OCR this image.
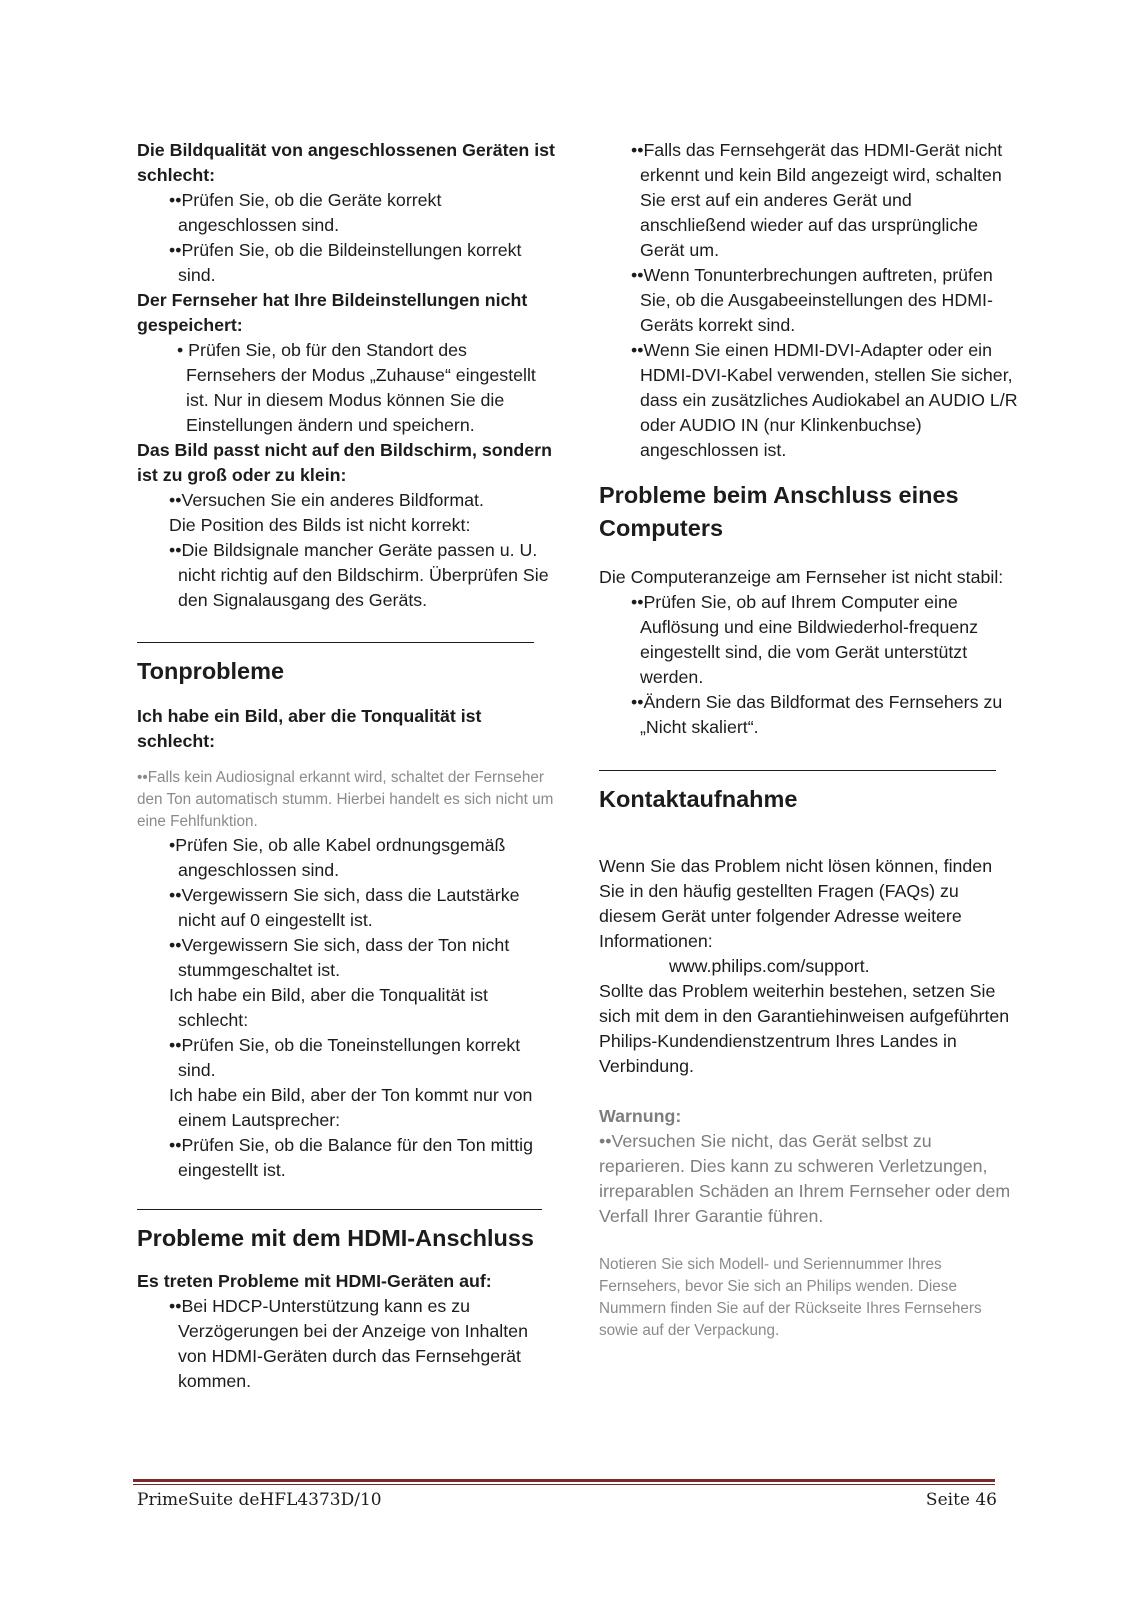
Die Bildqualität von angeschlossenen Geräten ist schlecht:
••Prüfen Sie, ob die Geräte korrekt angeschlossen sind.
••Prüfen Sie, ob die Bildeinstellungen korrekt sind.
Der Fernseher hat Ihre Bildeinstellungen nicht gespeichert:
• Prüfen Sie, ob für den Standort des Fernsehers der Modus „Zuhause“ eingestellt ist. Nur in diesem Modus können Sie die Einstellungen ändern und speichern.
Das Bild passt nicht auf den Bildschirm, sondern ist zu groß oder zu klein:
••Versuchen Sie ein anderes Bildformat.
Die Position des Bilds ist nicht korrekt:
••Die Bildsignale mancher Geräte passen u. U. nicht richtig auf den Bildschirm. Überprüfen Sie den Signalausgang des Geräts.
Tonprobleme
Ich habe ein Bild, aber die Tonqualität ist schlecht:
••Falls kein Audiosignal erkannt wird, schaltet der Fernseher den Ton automatisch stumm. Hierbei handelt es sich nicht um eine Fehlfunktion.
•Prüfen Sie, ob alle Kabel ordnungsgemäß angeschlossen sind.
••Vergewissern Sie sich, dass die Lautstärke nicht auf 0 eingestellt ist.
••Vergewissern Sie sich, dass der Ton nicht stummgeschaltet ist.
Ich habe ein Bild, aber die Tonqualität ist schlecht:
••Prüfen Sie, ob die Toneinstellungen korrekt sind.
Ich habe ein Bild, aber der Ton kommt nur von einem Lautsprecher:
••Prüfen Sie, ob die Balance für den Ton mittig eingestellt ist.
Probleme mit dem HDMI-Anschluss
Es treten Probleme mit HDMI-Geräten auf:
••Bei HDCP-Unterstützung kann es zu Verzögerungen bei der Anzeige von Inhalten von HDMI-Geräten durch das Fernsehgerät kommen.
••Falls das Fernsehgerät das HDMI-Gerät nicht erkennt und kein Bild angezeigt wird, schalten Sie erst auf ein anderes Gerät und anschließend wieder auf das ursprüngliche Gerät um.
••Wenn Tonunterbrechungen auftreten, prüfen Sie, ob die Ausgabeeinstellungen des HDMI-Geräts korrekt sind.
••Wenn Sie einen HDMI-DVI-Adapter oder ein HDMI-DVI-Kabel verwenden, stellen Sie sicher, dass ein zusätzliches Audiokabel an AUDIO L/R oder AUDIO IN (nur Klinkenbuchse) angeschlossen ist.
Probleme beim Anschluss eines Computers
Die Computeranzeige am Fernseher ist nicht stabil:
••Prüfen Sie, ob auf Ihrem Computer eine Auflösung und eine Bildwiederhol-frequenz eingestellt sind, die vom Gerät unterstützt werden.
••Ändern Sie das Bildformat des Fernsehers zu „Nicht skaliert“.
Kontaktaufnahme
Wenn Sie das Problem nicht lösen können, finden Sie in den häufig gestellten Fragen (FAQs) zu diesem Gerät unter folgender Adresse weitere Informationen:
www.philips.com/support.
Sollte das Problem weiterhin bestehen, setzen Sie sich mit dem in den Garantiehinweisen aufgeführten Philips-Kundendienstzentrum Ihres Landes in Verbindung.
Warnung:
••Versuchen Sie nicht, das Gerät selbst zu reparieren. Dies kann zu schweren Verletzungen, irreparablen Schäden an Ihrem Fernseher oder dem Verfall Ihrer Garantie führen.
Notieren Sie sich Modell- und Seriennummer Ihres Fernsehers, bevor Sie sich an Philips wenden. Diese Nummern finden Sie auf der Rückseite Ihres Fernsehers sowie auf der Verpackung.
PrimeSuite deHFL4373D/10	Seite 46
